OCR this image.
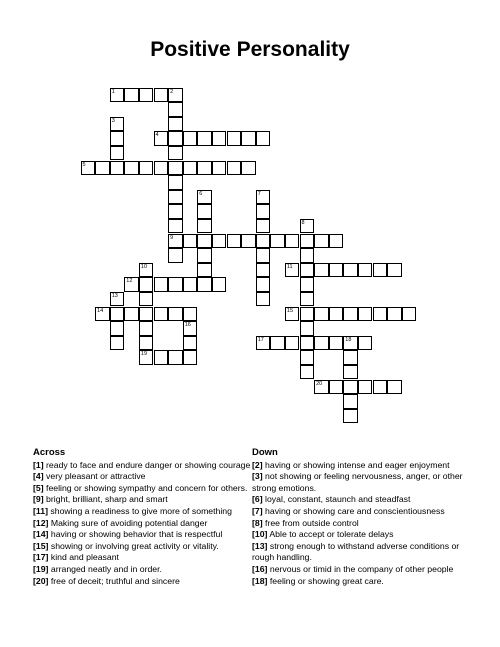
Positive Personality
1	2
9
3
4
5
6	7
8
10
19
11
12
13
14	15
16
17	18
20
Across
[1] ready to face and endure danger or showing courage
[4] very pleasant or attractive
[5] feeling or showing sympathy and concern for others.
[9] bright, brilliant, sharp and smart
[11] showing a readiness to give more of something
[12] Making sure of avoiding potential danger
[14] having or showing behavior that is respectful
[15] showing or involving great activity or vitality.
[17] kind and pleasant
[19] arranged neatly and in order.
[20] free of deceit; truthful and sincere
Down
[2] having or showing intense and eager enjoyment
[3] not showing or feeling nervousness, anger, or other strong emotions.
[6] loyal, constant, staunch and steadfast
[7] having or showing care and conscientiousness
[8] free from outside control
[10] Able to accept or tolerate delays
[13] strong enough to withstand adverse conditions or rough handling.
[16] nervous or timid in the company of other people
[18] feeling or showing great care.
